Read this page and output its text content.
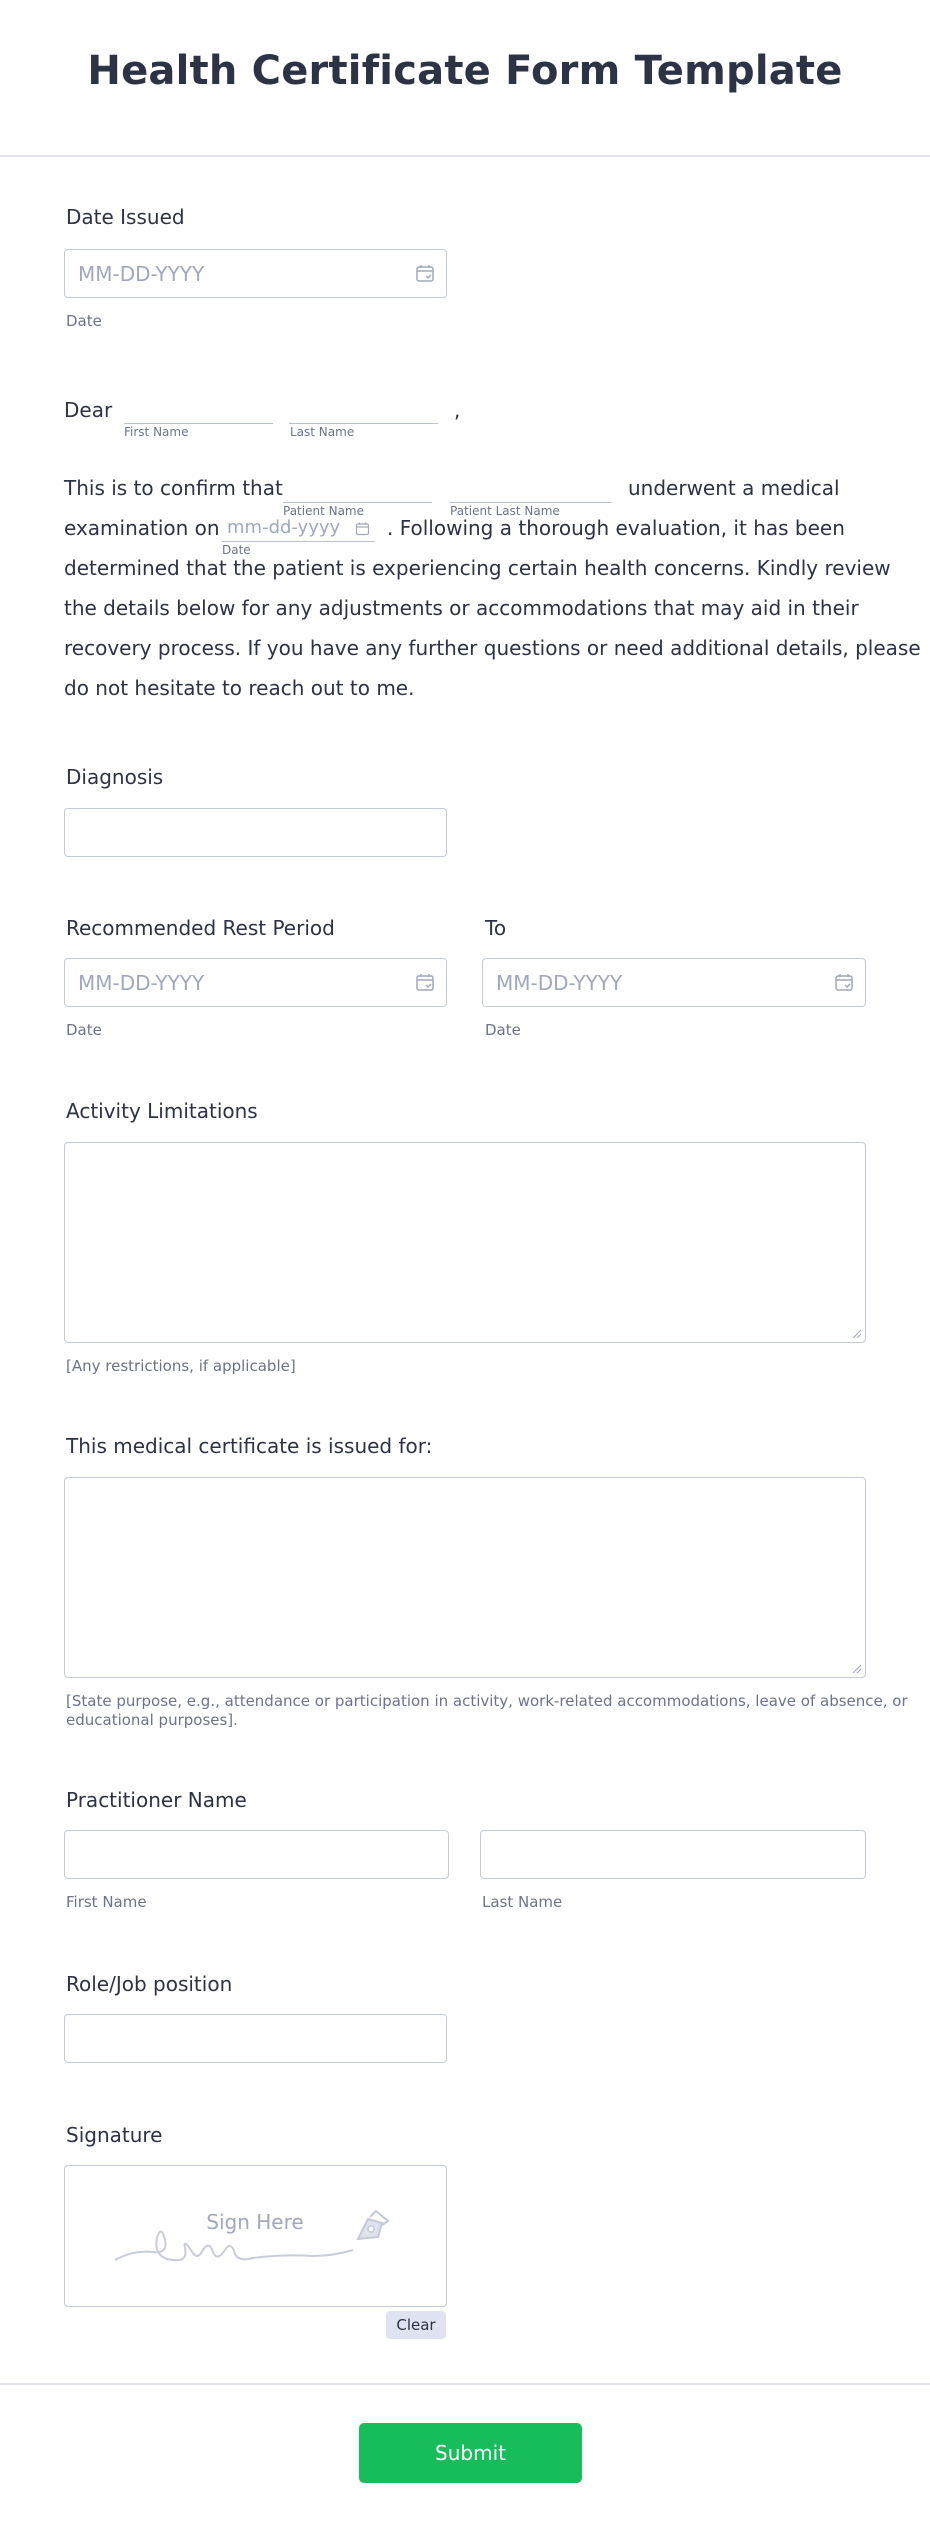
Health Certificate Form Template
Date Issued
MM-DD-YYYY
Date
Dear
First Name	Last Name
,
This is to confirm that
Patient Name	Patient Last Name
underwent a medical
examination on mm-dd-yyyy
Date
. Following a thorough evaluation, it has been
determined that the patient is experiencing certain health concerns. Kindly review
the details below for any adjustments or accommodations that may aid in their
recovery process. If you have any further questions or need additional details, please
do not hesitate to reach out to me.
Diagnosis
Recommended Rest Period
MM-DD-YYYY
Date
To
MM-DD-YYYY
Date
Activity Limitations
[Any restrictions, if applicable]
This medical certificate is issued for:
[State purpose, e.g., attendance or participation in activity, work-related accommodations, leave of absence, or
educational purposes].
Practitioner Name
First Name	Last Name
Role/Job position
Signature
Sign Here
Clear
Submit
